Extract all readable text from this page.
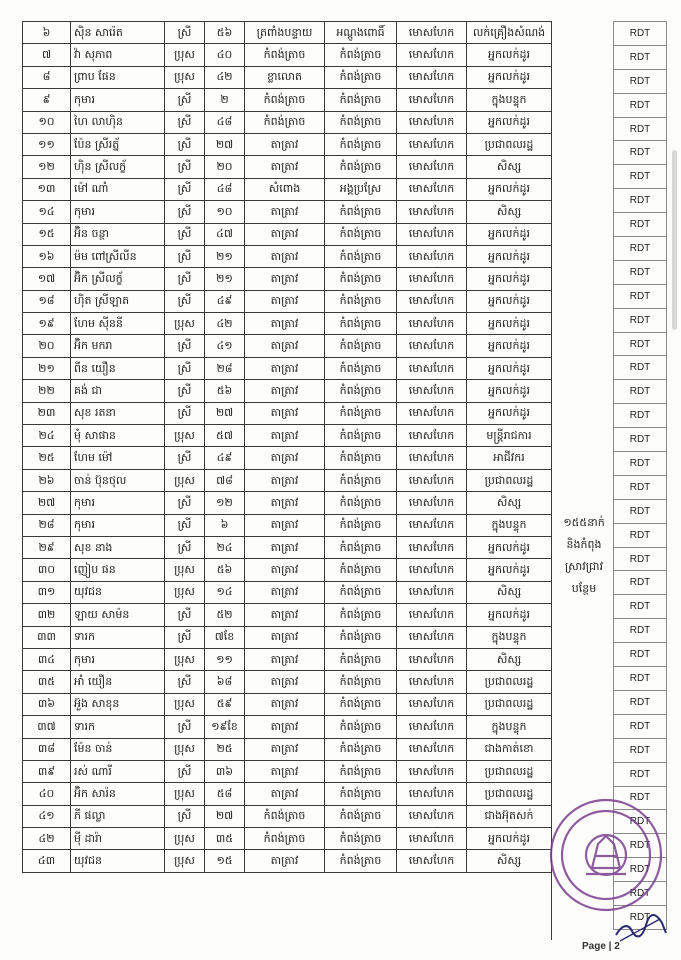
៦	ស៊ិន សារ៉េត	ស្រី	៥៦	ត្រពាំងបន្ទាយ	អណ្ដូងពោធិ៍	មោសហែក	លក់គ្រឿងសំណង់
៧	វ៉ា សុភាព	ប្រុស	៤០	កំពង់ត្រាច	កំពង់ត្រាច	មោសហែក	អ្នកលក់ដូរ
៨	ព្រាប ផែន	ប្រុស	៤២	ខ្លាលោត	កំពង់ត្រាច	មោសហែក	អ្នកលក់ដូរ
៩	កុមារ	ស្រី	២	កំពង់ត្រាច	កំពង់ត្រាច	មោសហែក	ក្នុងបន្ទុក
១០	ហៃ លាហ៊ិន	ស្រី	៤៨	កំពង់ត្រាច	កំពង់ត្រាច	មោសហែក	អ្នកលក់ដូរ
១១	ប៉ែន ស្រីរត្ន័	ស្រី	២៧	តាត្រាវ	កំពង់ត្រាច	មោសហែក	ប្រជាពលរដ្ឋ
១២	ហ៊ិន ស្រីលក្ខ័	ស្រី	២០	តាត្រាវ	កំពង់ត្រាច	មោសហែក	សិស្ស
១៣	ម៉ៅ ណាំ	ស្រី	៤៨	សំពោង	អង្គប្រស្រែ	មោសហែក	អ្នកលក់ដូរ
១៤	កុមារ	ស្រី	១០	តាត្រាវ	កំពង់ត្រាច	មោសហែក	សិស្ស
១៥	អ៊ិន ចន្ថា	ស្រី	៤៧	តាត្រាវ	កំពង់ត្រាច	មោសហែក	អ្នកលក់ដូរ
១៦	ម៉ម ពៅស្រីលីន	ស្រី	២១	តាត្រាវ	កំពង់ត្រាច	មោសហែក	អ្នកលក់ដូរ
១៧	អ៊ិក ស្រីលក្ខ័	ស្រី	២១	តាត្រាវ	កំពង់ត្រាច	មោសហែក	អ្នកលក់ដូរ
១៨	ហ៊ិត ស្រីឡាត	ស្រី	៤៩	តាត្រាវ	កំពង់ត្រាច	មោសហែក	អ្នកលក់ដូរ
១៩	ហែម ស៊ីននី	ប្រុស	៤២	តាត្រាវ	កំពង់ត្រាច	មោសហែក	អ្នកលក់ដូរ
២០	អ៊ិក មករា	ស្រី	៤១	តាត្រាវ	កំពង់ត្រាច	មោសហែក	អ្នកលក់ដូរ
២១	ពីន យឿន	ស្រី	២៨	តាត្រាវ	កំពង់ត្រាច	មោសហែក	អ្នកលក់ដូរ
២២	គង់ ជា	ស្រី	៥៦	តាត្រាវ	កំពង់ត្រាច	មោសហែក	អ្នកលក់ដូរ
២៣	សុខ រតនា	ស្រី	២៧	តាត្រាវ	កំពង់ត្រាច	មោសហែក	អ្នកលក់ដូរ
២៤	មុំ សាផាន	ប្រុស	៥៧	តាត្រាវ	កំពង់ត្រាច	មោសហែក	មន្ត្រីរាជការ
២៥	ហែម ម៉ៅ	ស្រី	៤៩	តាត្រាវ	កំពង់ត្រាច	មោសហែក	អាជីវករ
២៦	ចាន់ ប៊ុនថុល	ប្រុស	៧៨	តាត្រាវ	កំពង់ត្រាច	មោសហែក	ប្រជាពលរដ្ឋ
២៧	កុមារ	ស្រី	១២	តាត្រាវ	កំពង់ត្រាច	មោសហែក	សិស្ស
២៨	កុមារ	ស្រី	៦	តាត្រាវ	កំពង់ត្រាច	មោសហែក	ក្នុងបន្ទុក
២៩	សុខ នាង	ស្រី	២៤	តាត្រាវ	កំពង់ត្រាច	មោសហែក	អ្នកលក់ដូរ
៣០	ញៀប ផន	ប្រុស	៥៦	តាត្រាវ	កំពង់ត្រាច	មោសហែក	អ្នកលក់ដូរ
៣១	យុវជន	ប្រុស	១៤	តាត្រាវ	កំពង់ត្រាច	មោសហែក	សិស្ស
៣២	ឡាយ សាម៉ន	ស្រី	៥២	តាត្រាវ	កំពង់ត្រាច	មោសហែក	អ្នកលក់ដូរ
៣៣	ទារក	ស្រី	៧ខែ	តាត្រាវ	កំពង់ត្រាច	មោសហែក	ក្នុងបន្ទុក
៣៤	កុមារ	ប្រុស	១១	តាត្រាវ	កំពង់ត្រាច	មោសហែក	សិស្ស
៣៥	អាំ យឿន	ស្រី	៦៨	តាត្រាវ	កំពង់ត្រាច	មោសហែក	ប្រជាពលរដ្ឋ
៣៦	អ៊ួង សាខុន	ប្រុស	៥៩	តាត្រាវ	កំពង់ត្រាច	មោសហែក	ប្រជាពលរដ្ឋ
៣៧	ទារក	ស្រី	១៩ខែ	តាត្រាវ	កំពង់ត្រាច	មោសហែក	ក្នុងបន្ទុក
៣៨	ម៉ែន ចាន់	ប្រុស	២៥	តាត្រាវ	កំពង់ត្រាច	មោសហែក	ជាងកាត់ខោ
៣៩	រស់ ណារី	ស្រី	៣៦	តាត្រាវ	កំពង់ត្រាច	មោសហែក	ប្រជាពលរដ្ឋ
៤០	អ៊ិក សារ៉ន	ប្រុស	៥៨	តាត្រាវ	កំពង់ត្រាច	មោសហែក	ប្រជាពលរដ្ឋ
៤១	ភី ផល្លា	ស្រី	២៧	កំពង់ត្រាច	កំពង់ត្រាច	មោសហែក	ជាងអ៊ុតសក់
៤២	ម៉ី ដារ៉ា	ប្រុស	៣៥	កំពង់ត្រាច	កំពង់ត្រាច	មោសហែក	អ្នកលក់ដូរ
៤៣	យុវជន	ប្រុស	១៥	តាត្រាវ	កំពង់ត្រាច	មោសហែក	សិស្ស
១៥៥នាក់
និងកំពុង
ស្រាវជ្រាវ
បន្ថែម
RDT
RDT
RDT
RDT
RDT
RDT
RDT
RDT
RDT
RDT
RDT
RDT
RDT
RDT
RDT
RDT
RDT
RDT
RDT
RDT
RDT
RDT
RDT
RDT
RDT
RDT
RDT
RDT
RDT
RDT
RDT
RDT
RDT
RDT
RDT
RDT
RDT
RDT
Page | 2
